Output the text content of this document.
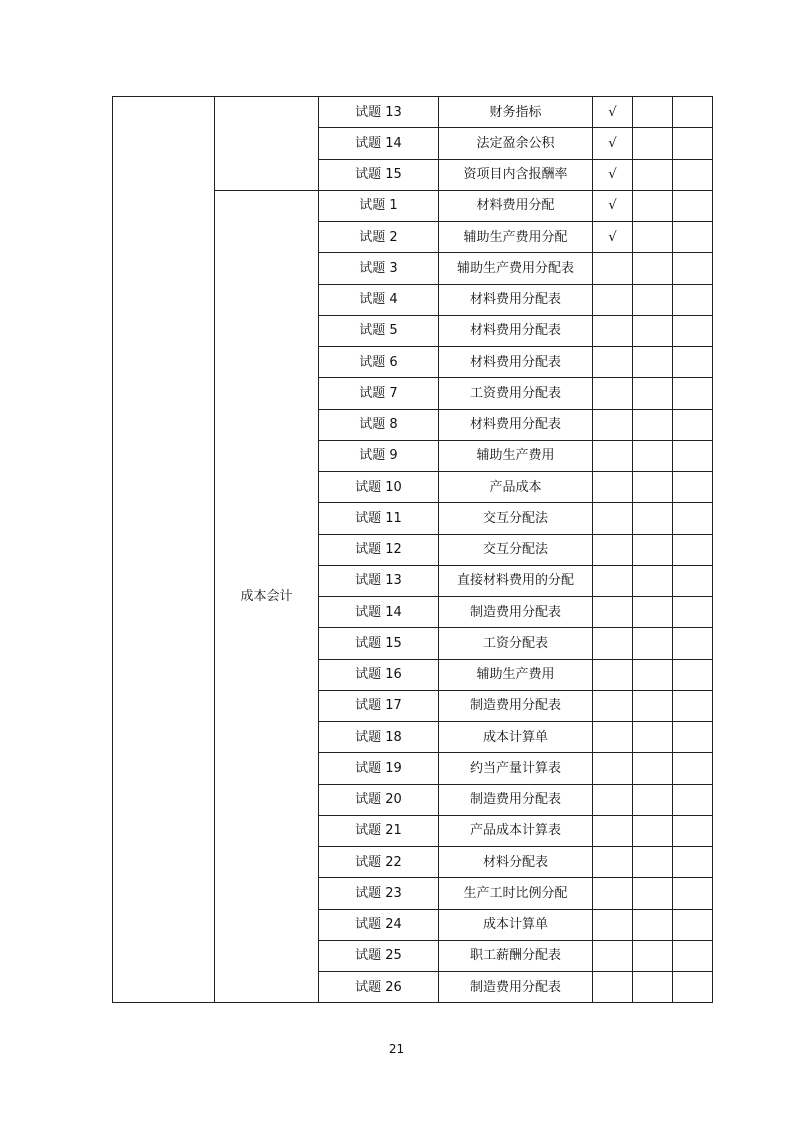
		试题 13	财务指标	√		
		试题 14	法定盈余公积	√		
		试题 15	资项目内含报酬率	√		
	成本会计	试题 1	材料费用分配	√		
		试题 2	辅助生产费用分配	√		
		试题 3	辅助生产费用分配表			
		试题 4	材料费用分配表			
		试题 5	材料费用分配表			
		试题 6	材料费用分配表			
		试题 7	工资费用分配表			
		试题 8	材料费用分配表			
		试题 9	辅助生产费用			
		试题 10	产品成本			
		试题 11	交互分配法			
		试题 12	交互分配法			
		试题 13	直接材料费用的分配			
		试题 14	制造费用分配表			
		试题 15	工资分配表			
		试题 16	辅助生产费用			
		试题 17	制造费用分配表			
		试题 18	成本计算单			
		试题 19	约当产量计算表			
		试题 20	制造费用分配表			
		试题 21	产品成本计算表			
		试题 22	材料分配表			
		试题 23	生产工时比例分配			
		试题 24	成本计算单			
		试题 25	职工薪酬分配表			
		试题 26	制造费用分配表			
21
